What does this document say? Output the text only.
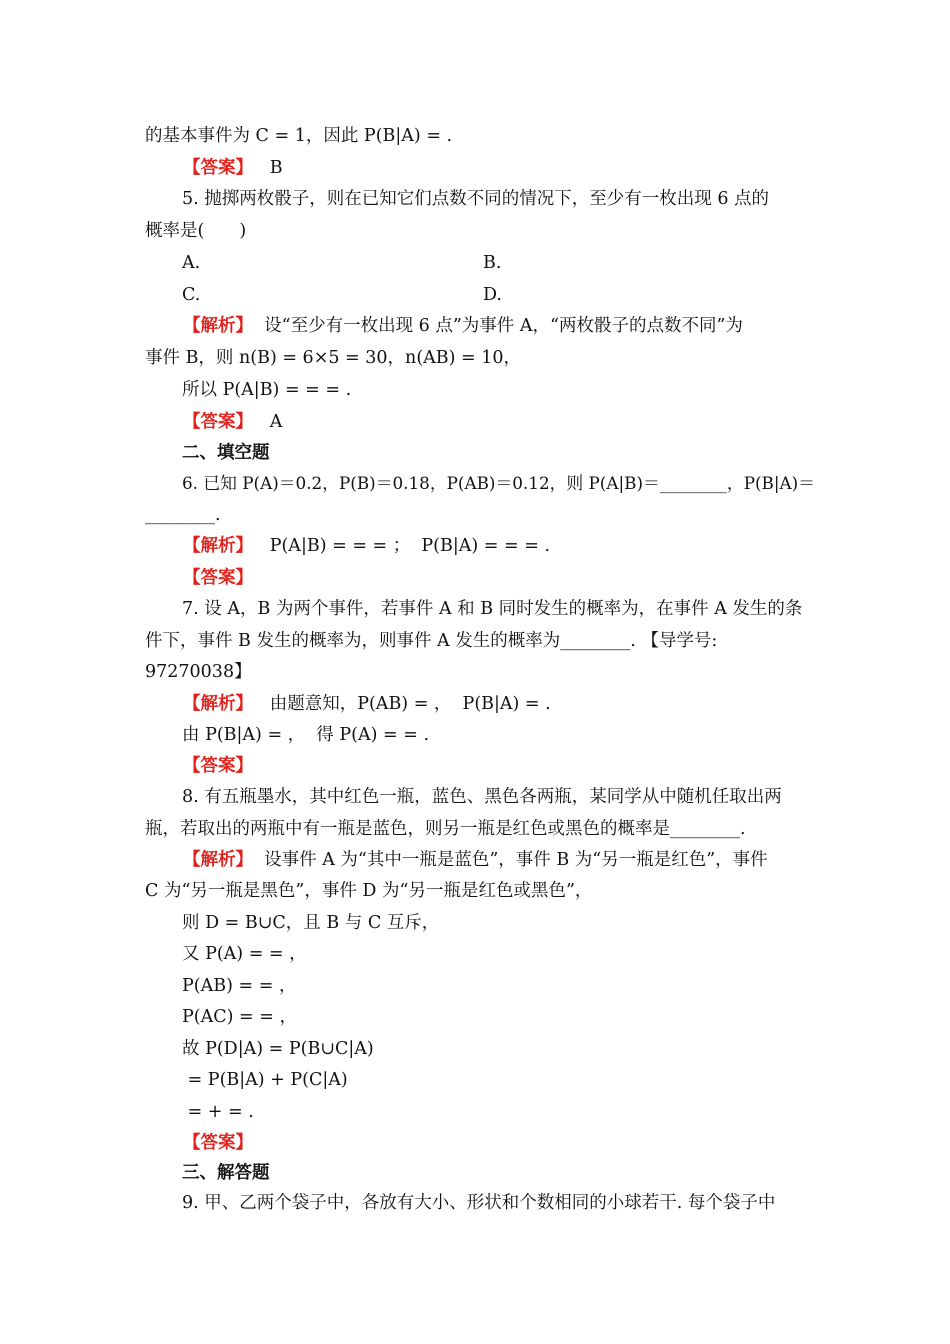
的基本事件为 C = 1，因此 P(B|A) = .
【答案】 B
5. 抛掷两枚骰子，则在已知它们点数不同的情况下，至少有一枚出现 6 点的
概率是(　　)
A.	B.
C.	D.
【解析】 设“至少有一枚出现 6 点”为事件 A，“两枚骰子的点数不同”为
事件 B，则 n(B) = 6×5 = 30，n(AB) = 10，
所以 P(A|B) = = = .
【答案】 A
二、填空题
6. 已知 P(A)＝0.2，P(B)＝0.18，P(AB)＝0.12，则 P(A|B)＝________，P(B|A)＝
________.
【解析】 P(A|B) = = = ；  P(B|A) = = = .
【答案】
7. 设 A，B 为两个事件，若事件 A 和 B 同时发生的概率为，在事件 A 发生的条
件下，事件 B 发生的概率为，则事件 A 发生的概率为________. 【导学号:
97270038】
【解析】 由题意知，P(AB) = ，  P(B|A) = .
由 P(B|A) = ，  得 P(A) = = .
【答案】
8. 有五瓶墨水，其中红色一瓶，蓝色、黑色各两瓶，某同学从中随机任取出两
瓶，若取出的两瓶中有一瓶是蓝色，则另一瓶是红色或黑色的概率是________.
【解析】 设事件 A 为“其中一瓶是蓝色”，事件 B 为“另一瓶是红色”，事件
C 为“另一瓶是黑色”，事件 D 为“另一瓶是红色或黑色”，
则 D = B∪C，且 B 与 C 互斥，
又 P(A) = = ，
P(AB) = = ，
P(AC) = = ，
故 P(D|A) = P(B∪C|A)
= P(B|A) + P(C|A)
= + = .
【答案】
三、解答题
9. 甲、乙两个袋子中，各放有大小、形状和个数相同的小球若干. 每个袋子中
